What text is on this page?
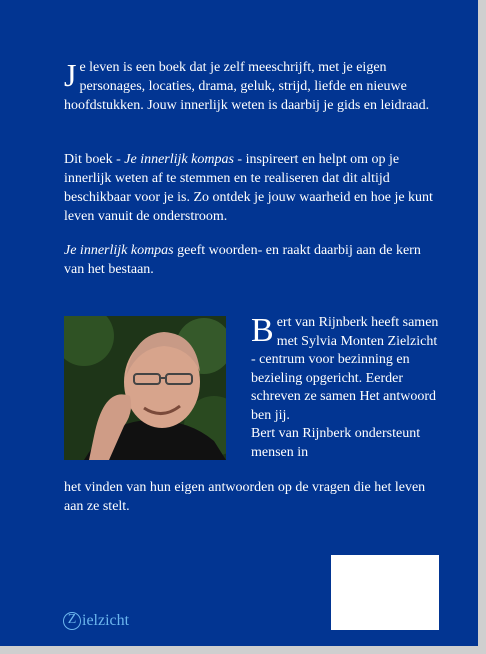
Je leven is een boek dat je zelf meeschrijft, met je eigen personages, locaties, drama, geluk, strijd, liefde en nieuwe hoofdstukken. Jouw innerlijk weten is daarbij je gids en leidraad.

Dit boek - Je innerlijk kompas - inspireert en helpt om op je innerlijk weten af te stemmen en te realiseren dat dit altijd beschikbaar voor je is. Zo ontdek je jouw waarheid en hoe je kunt leven vanuit de onderstroom.

Je innerlijk kompas geeft woorden- en raakt daarbij aan de kern van het bestaan.

Bert van Rijnberk heeft samen met Sylvia Monten Zielzicht - centrum voor bezinning en bezieling opgericht. Eerder schreven ze samen Het antwoord ben jij.
Bert van Rijnberk ondersteunt mensen in

het vinden van hun eigen antwoorden op de vragen die het leven aan ze stelt.

Z ielzicht
